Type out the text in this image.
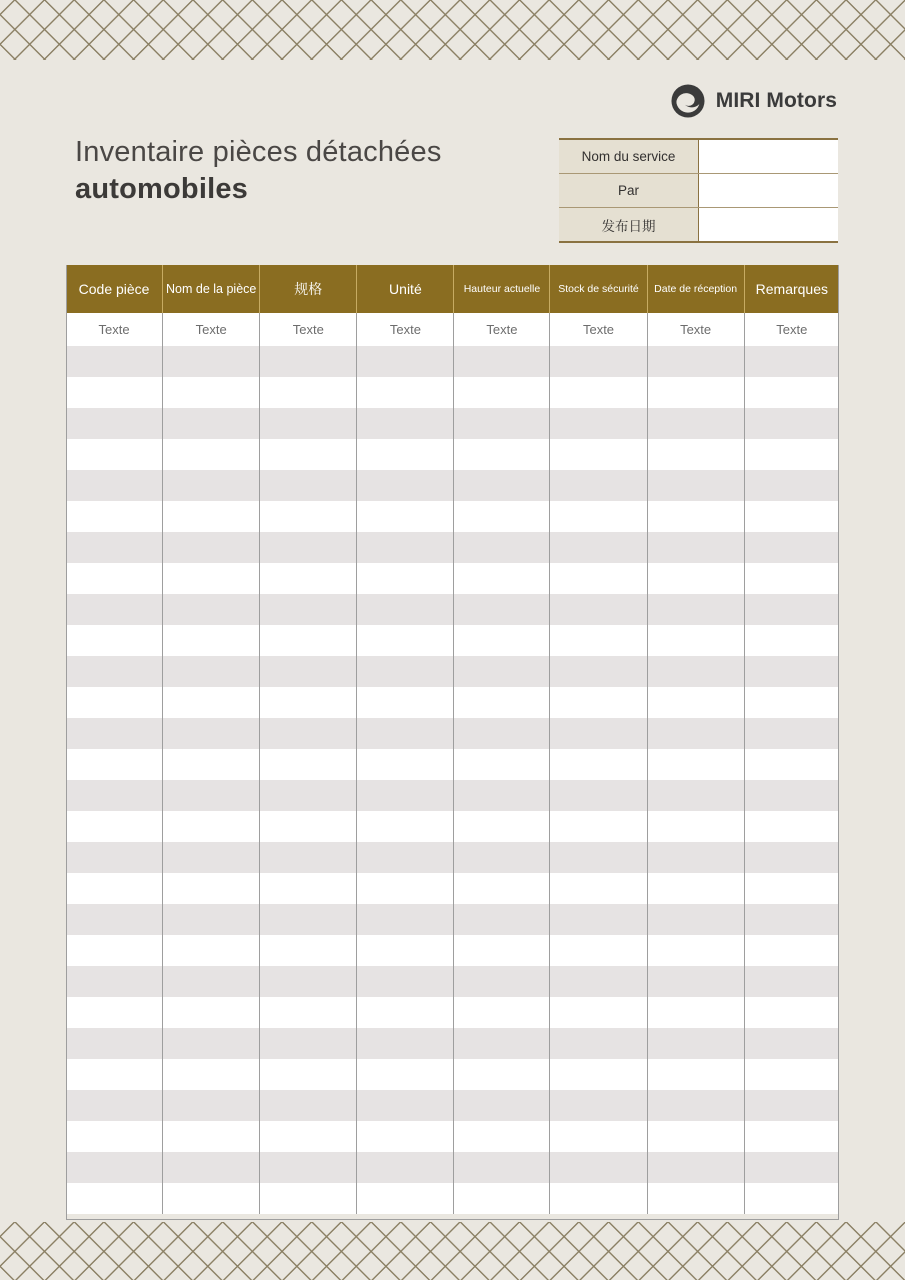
MIRI Motors
Inventaire pièces détachées
automobiles
Nom du service
Par
发布日期
Code pièce	Nom de la pièce	规格	Unité	Hauteur actuelle	Stock de sécurité	Date de réception	Remarques
Texte	Texte	Texte	Texte	Texte	Texte	Texte	Texte
